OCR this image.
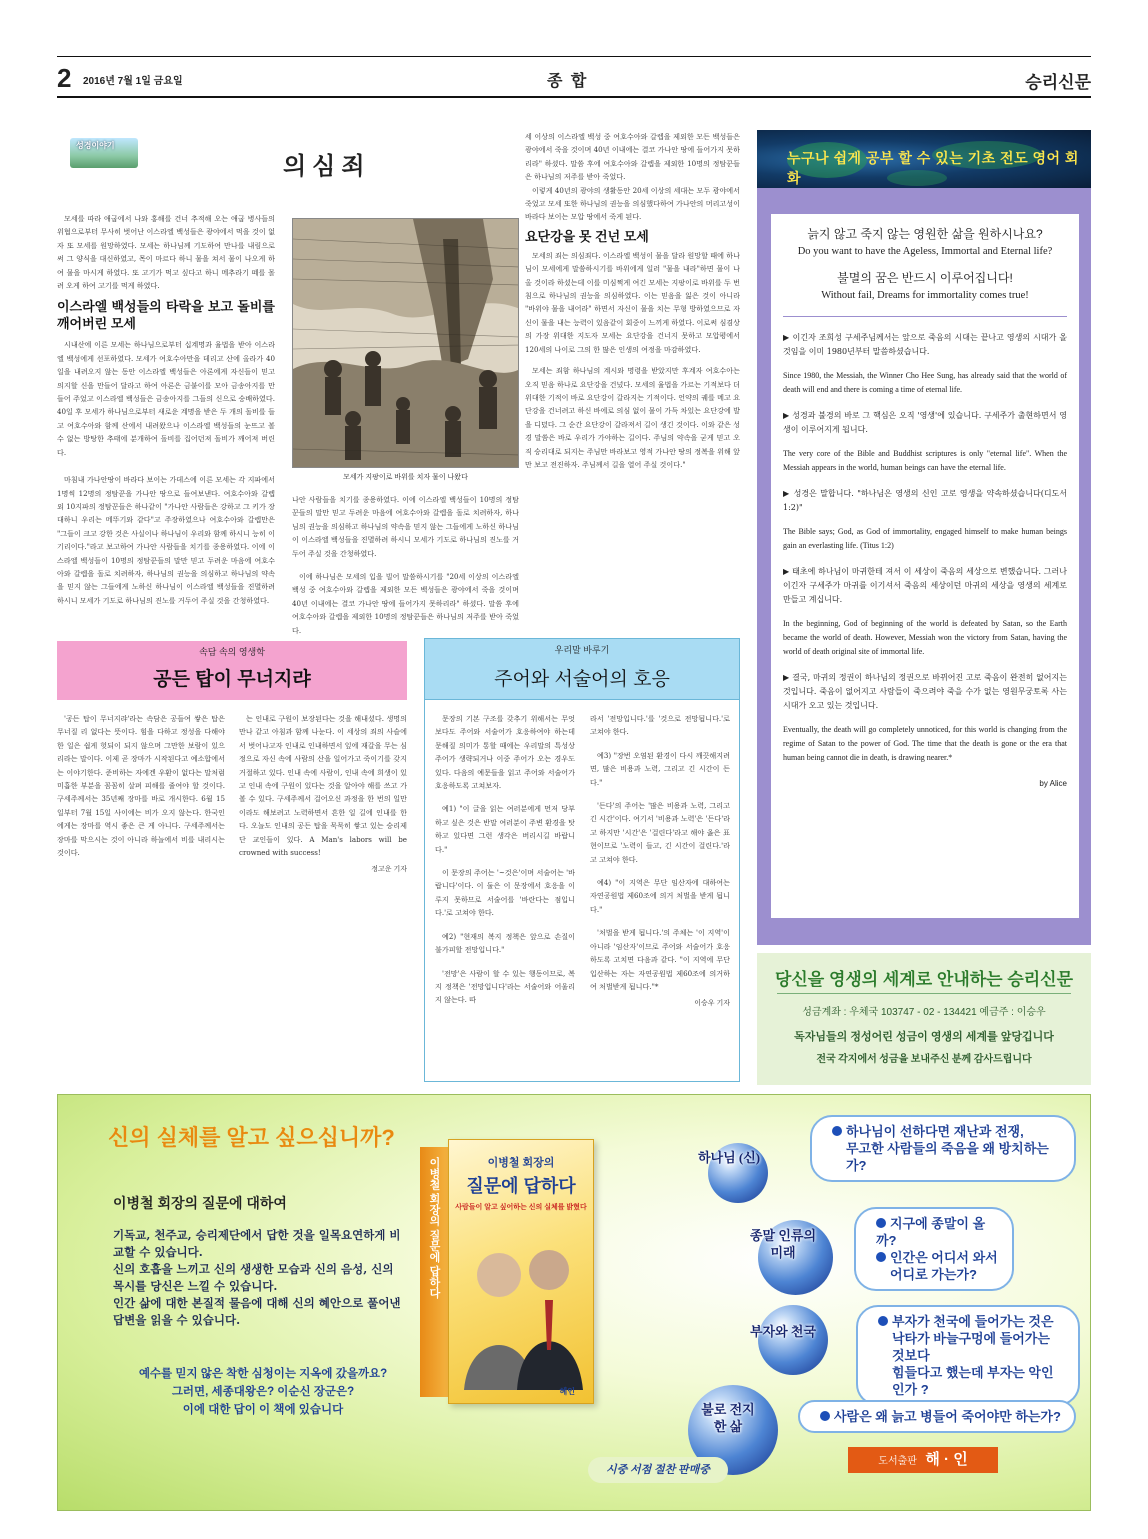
2 2016년 7월 1일 금요일	종 합	승리신문
성경이야기
의심죄

모세를 따라 애굽에서 나와 홍해를 건너 추적해 오는 애굽 병사들의 위협으로부터 무사히 벗어난 이스라엘 백성들은 광야에서 먹을 것이 없자 또 모세를 원망하였다. 모세는 하나님께 기도하여 만나를 내림으로써 그 양식을 대신하였고, 목이 마르다 하니 물을 쳐서 물이 나오게 하여 물을 마시게 하였다. 또 고기가 먹고 싶다고 하니 메추라기 떼를 몰려 오게 하여 고기를 먹게 하였다.

이스라엘 백성들의 타락을 보고 돌비를 깨어버린 모세

시내산에 이른 모세는 하나님으로부터 십계명과 율법을 받아 이스라엘 백성에게 선포하였다. 모세가 여호수아만을 데리고 산에 올라가 40일을 내려오지 않는 동안 이스라엘 백성들은 아론에게 자신들이 믿고 의지할 신을 만들어 달라고 하여 아론은 금붙이를 모아 금송아지를 만들어 주었고 이스라엘 백성들은 금송아지를 그들의 신으로 숭배하였다. 40일 후 모세가 하나님으로부터 새로운 계명을 받은 두 개의 돌비를 들고 여호수아와 함께 산에서 내려왔으나 이스라엘 백성들의 눈뜨고 볼 수 없는 방탕한 추태에 분개하여 돌비를 집어던져 돌비가 깨어져 버린다.

마침내 가나안땅이 바라다 보이는 가데스에 이른 모세는 각 지파에서 1명씩 12명의 정탐꾼을 가나안 땅으로 들여보낸다. 여호수아와 갈렙 외 10지파의 정탐꾼들은 하나같이 "가나안 사람들은 강하고 그 키가 장대하니 우리는 메뚜기와 같다"고 주장하였으나 여호수아와 갈렙만은 "그들이 크고 강한 것은 사실이나 하나님이 우리와 함께 하시니 능히 이기리이다."라고 보고하여 가나안 사람들을 치기를 종용하였다. 이에 이스라엘 백성들이 10명의 정탐꾼들의 말만 믿고 두려운 마음에 여호수아와 갈렙을 돌로 치려하자, 하나님의 권능을 의심하고 하나님의 약속을 믿지 않는 그들에게 노하신 하나님이 이스라엘 백성들을 진멸하려 하시니 모세가 기도로 하나님의 진노를 거두어 주실 것을 간청하였다.

모세가 지팡이로 바위를 치자 물이 나왔다

나안 사람들을 치기를 종용하였다. 이에 이스라엘 백성들이 10명의 정탐꾼들의 말만 믿고 두려운 마음에 여호수아와 갈렙을 돌로 치려하자, 하나님의 권능을 의심하고 하나님의 약속을 믿지 않는 그들에게 노하신 하나님이 이스라엘 백성들을 진멸하려 하시니 모세가 기도로 하나님의 진노를 거두어 주실 것을 간청하였다.

이에 하나님은 모세의 입을 빌어 말씀하시기를 "20세 이상의 이스라엘 백성 중 여호수아와 갈렙을 제외한 모든 백성들은 광야에서 죽을 것이며 40년 이내에는 결코 가나안 땅에 들어가지 못하리라" 하셨다. 말씀 후에 여호수아와 갈렙을 제외한 10명의 정탐꾼들은 하나님의 저주를 받아 죽었다.

세 이상의 이스라엘 백성 중 여호수아와 갈렙을 제외한 모든 백성들은 광야에서 죽을 것이며 40년 이내에는 결코 가나안 땅에 들어가지 못하리라" 하셨다. 말씀 후에 여호수아와 갈렙을 제외한 10명의 정탐꾼들은 하나님의 저주를 받아 죽었다.

이렇게 40년의 광야의 생활동안 20세 이상의 세대는 모두 광야에서 죽었고 모세 또한 하나님의 권능을 의심했다하여 가나안의 머리고성이 바라다 보이는 모압 땅에서 죽게 된다.

요단강을 못 건넌 모세

모세의 죄는 의심죄다. 이스라엘 백성이 물을 달라 원망할 때에 하나님이 모세에게 말씀하시기를 바위에게 일러 "물을 내라"하면 물이 나올 것이라 하셨는데 이를 미심쩍게 여긴 모세는 지팡이로 바위를 두 번 침으로 하나님의 권능을 의심하였다. 이는 믿음을 잃은 것이 아니라 "바위야 물을 내어라" 하면서 자신이 물을 치는 무형 방하였으므로 자신이 물을 내는 능력이 있음같이 회중이 느끼게 하였다. 이로써 심겸상의 가장 위대한 지도자 모세는 요단강을 건너지 못하고 모압평에서 120세의 나이로 그의 한 많은 인생의 여정을 마감하였다.

모세는 죄함 하나님의 계시와 명령을 받았지만 후계자 여호수아는 오직 믿음 하나로 요단강을 건넜다. 모세의 율법을 가르는 기적보다 더 위대한 기적이 바로 요단강이 갈라지는 기적이다. 언약의 궤를 메고 요단강을 건너려고 하신 바에로 의심 없이 물이 가득 차있는 요단강에 발을 디뎠다. 그 순간 요단강이 갈라져서 길이 생긴 것이다. 이와 같은 성경 말씀은 바로 우리가 가야하는 길이다. 주님의 약속을 굳게 믿고 오직 승리대로 되지는 주님만 바라보고 영적 가나안 땅의 정복을 위해 앞만 보고 전진하자. 주님께서 길을 열어 주실 것이다."

누구나 쉽게 공부 할 수 있는 기초 전도 영어 회화
늙지 않고 죽지 않는 영원한 삶을 원하시나요?
Do you want to have the Ageless, Immortal and Eternal life?
불멸의 꿈은 반드시 이루어집니다!
Without fail, Dreams for immortality comes true!

▶ 이긴자 조희성 구세주님께서는 앞으로 죽음의 시대는 끝나고 영생의 시대가 올 것임을 이미 1980년부터 말씀하셨습니다.

Since 1980, the Messiah, the Winner Cho Hee Sung, has already said that the world of death will end and there is coming a time of eternal life.

▶ 성경과 불경의 바로 그 핵심은 오직 '영생'에 있습니다. 구세주가 출현하면서 영생이 이루어지게 됩니다.

The very core of the Bible and Buddhist scriptures is only "eternal life". When the Messiah appears in the world, human beings can have the eternal life.

▶ 성경은 말합니다. "하나님은 영생의 신인 고로 영생을 약속하셨습니다(디도서 1:2)"

The Bible says; God, as God of immortality, engaged himself to make human beings gain an everlasting life. (Titus 1:2)

▶ 태초에 하나님이 마귀한테 져서 이 세상이 죽음의 세상으로 변했습니다. 그러나 이긴자 구세주가 마귀를 이기셔서 죽음의 세상이던 마귀의 세상을 영생의 세계로 만들고 계십니다.

In the beginning, God of beginning of the world is defeated by Satan, so the Earth became the world of death. However, Messiah won the victory from Satan, having the world of death original site of immortal life.

▶ 결국, 마귀의 정권이 하나님의 정권으로 바뀌어진 고로 죽음이 완전히 없어지는 것입니다. 죽음이 없어지고 사람들이 죽으려야 죽을 수가 없는 영원무궁토록 사는 시대가 오고 있는 것입니다.

Eventually, the death will go completely unnoticed, for this world is changing from the regime of Satan to the power of God. The time that the death is gone or the era that human being cannot die in death, is drawing nearer.*

by Alice
속담 속의 영생학
공든 탑이 무너지랴

'공든 탑이 무너지랴'라는 속담은 공들여 쌓은 탑은 무너질 리 없다는 뜻이다. 힘을 다하고 정성을 다해야 한 일은 쉽게 헛되이 되지 않으며 그만한 보람이 있으리라는 말이다. 이제 곧 장마가 시작된다고 예소합에서는 이야기한다. 준비하는 자에겐 우환이 없다는 말처럼 미흡한 부분을 꼼꼼히 살펴 피해를 줄여야 할 것이다. 구세주께서는 35년째 장마를 바로 개시한다. 6월 15일부터 7월 15일 사이에는 비가 오지 않는다. 한국인에게는 장마를 역시 좋은 큰 게 아니다. 구세주께서는 장마를 막으시는 것이 아니라 하늘에서 비를 내리시는 것이다.

는 인내로 구원이 보장된다는 것을 해내셨다. 생명의 만나 같고 아침과 함께 나눈다. 이 세상의 죄의 사슬에서 벗어나고자 인내로 인내하면서 잎에 재갈을 무는 심정으로 자신 속에 사람의 산을 일어가고 죽이기를 갖지 거절하고 있다. 인내 속에 사람이, 인내 속에 희생이 있고 인내 속에 구원이 있다는 것을 알아야 해를 쓰고 가볼 수 있다. 구세주께서 걸어오신 과정을 한 번의 일만이라도 해보려고 노력하면서 흔한 일 길에 인내를 한다. 오늘도 인내의 공든 탑을 묵묵히 쌓고 있는 승리제단 교인들이 있다. A Man's labors will be crowned with success!

정고운 기자
우리말 바루기
주어와 서술어의 호응

문장의 기본 구조를 갖추기 위해서는 무엇보다도 주어와 서술어가 호응하여야 하는데 문해질 의미가 통할 때에는 우리말의 특성상 주어가 생략되거나 이중 주어가 오는 경우도 있다. 다음의 예문들을 읽고 주어와 서술어가 호응하도록 고쳐보자.

예1) "이 글을 읽는 여러분에게 먼저 당부하고 싶은 것은 반말 여러분이 주변 환경을 탓하고 있다면 그런 생각은 버리시길 바랍니다."

이 문장의 주어는 '~것은'이며 서술어는 '바랍니다'이다. 이 둘은 이 문장에서 호응을 이루지 못하므로 서술어를 '바란다는 점입니다.'로 고쳐야 한다.

예2) "현재의 복지 정책은 앞으로 손질이 불가피할 전망입니다."

'전망'은 사람이 할 수 있는 행동이므로, 복지 정책은 '전망입니다'라는 서술어와 어울리지 않는다. 따

라서 '전망입니다.'를 '것으로 전망됩니다.'로 고쳐야 한다.

예3) "장번 오염된 환경이 다시 깨끗해지려면, 많은 비용과 노력, 그리고 긴 시간이 든다."

'든다'의 주어는 '많은 비용과 노력, 그리고 긴 시간'이다. 여기서 '비용과 노력'은 '든다'라고 하지만 '시간'은 '걸린다'라고 해야 옳은 표현이므로 '노력이 들고, 긴 시간이 걸린다.'라고 고쳐야 한다.

예4) "이 지역은 무단 임산자에 대하여는 자연공원법 제60조에 의거 처벌을 받게 됩니다."

'처벌을 받게 됩니다.'의 주체는 '이 지역'이 아니라 '임산자'이므로 주어와 서술어가 호응하도록 고치면 다음과 같다. "이 지역에 무단 입산하는 자는 자연공원법 제60조에 의거하여 처벌받게 됩니다."*

이승우 기자
당신을 영생의 세계로 안내하는 승리신문
성금계좌 : 우체국 103747 - 02 - 134421 예금주 : 이승우
독자님들의 정성어린 성금이 영생의 세계를 앞당깁니다
전국 각지에서 성금을 보내주신 분께 감사드립니다
신의 실체를 알고 싶으십니까?
이병철 회장의 질문에 대하여

기독교, 천주교, 승리제단에서 답한 것을 일목요연하게 비교할 수 있습니다.

신의 호흡을 느끼고 신의 생생한 모습과 신의 음성, 신의 목시를 당신은 느낄 수 있습니다.

인간 삶에 대한 본질적 물음에 대해 신의 혜안으로 풀어낸 답변을 읽을 수 있습니다.

예수를 믿지 않은 착한 심청이는 지옥에 갔을까요?
그러면, 세종대왕은? 이순신 장군은?
이에 대한 답이 이 책에 있습니다
이병철 회장의 질문에 답하다	이병철 회장의
질문에 답하다
사람들이 알고 싶어하는 신의 실체를 밝혔다
혜인
하나님 (신)
종말 인류의 미래
부자와 천국
불로 전지한 삶
하나님이 선하다면 재난과 전쟁,
무고한 사람들의 죽음을 왜 방치하는가?
지구에 종말이 올까?
인간은 어디서 와서
어디로 가는가?
부자가 천국에 들어가는 것은
낙타가 바늘구멍에 들어가는 것보다
힘들다고 했는데 부자는 악인인가 ?
사람은 왜 늙고 병들어 죽어야만 하는가?
시중 서점 절찬 판매중
도서출판 해 · 인
